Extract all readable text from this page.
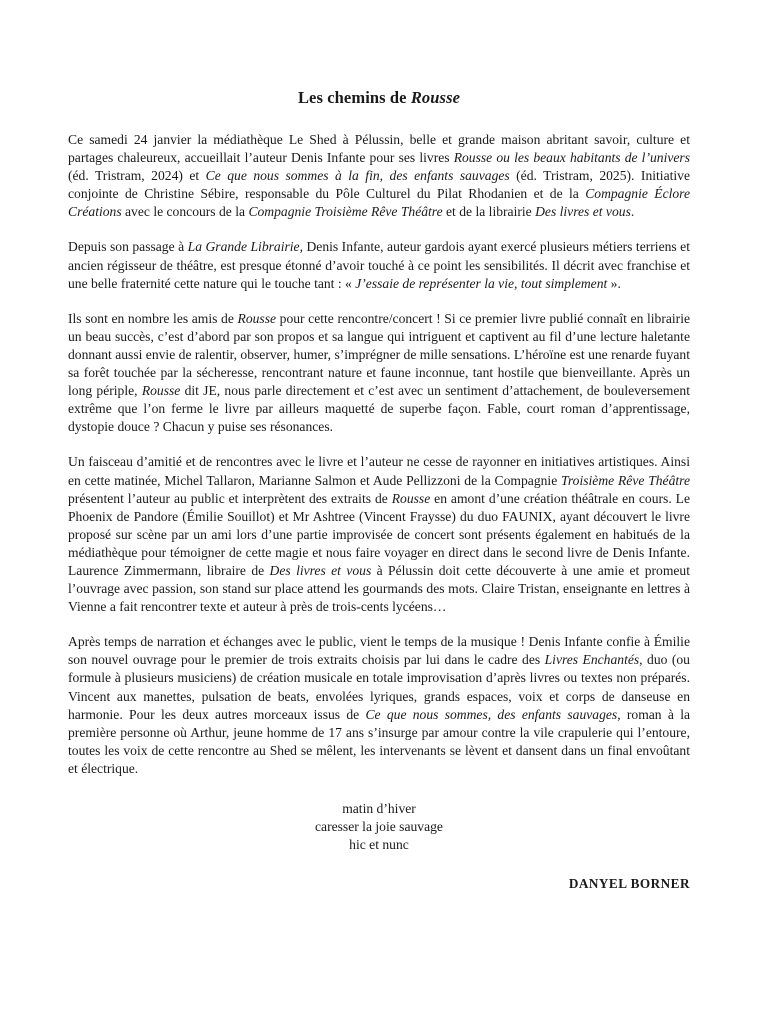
Les chemins de Rousse

Ce samedi 24 janvier la médiathèque Le Shed à Pélussin, belle et grande maison abritant savoir, culture et partages chaleureux, accueillait l’auteur Denis Infante pour ses livres Rousse ou les beaux habitants de l’univers (éd. Tristram, 2024) et Ce que nous sommes à la fin, des enfants sauvages (éd. Tristram, 2025). Initiative conjointe de Christine Sébire, responsable du Pôle Culturel du Pilat Rhodanien et de la Compagnie Éclore Créations avec le concours de la Compagnie Troisième Rêve Théâtre et de la librairie Des livres et vous.

Depuis son passage à La Grande Librairie, Denis Infante, auteur gardois ayant exercé plusieurs métiers terriens et ancien régisseur de théâtre, est presque étonné d’avoir touché à ce point les sensibilités. Il décrit avec franchise et une belle fraternité cette nature qui le touche tant : « J’essaie de représenter la vie, tout simplement ».

Ils sont en nombre les amis de Rousse pour cette rencontre/concert ! Si ce premier livre publié connaît en librairie un beau succès, c’est d’abord par son propos et sa langue qui intriguent et captivent au fil d’une lecture haletante donnant aussi envie de ralentir, observer, humer, s’imprégner de mille sensations. L’héroïne est une renarde fuyant sa forêt touchée par la sécheresse, rencontrant nature et faune inconnue, tant hostile que bienveillante. Après un long périple, Rousse dit JE, nous parle directement et c’est avec un sentiment d’attachement, de bouleversement extrême que l’on ferme le livre par ailleurs maquetté de superbe façon. Fable, court roman d’apprentissage, dystopie douce ? Chacun y puise ses résonances.

Un faisceau d’amitié et de rencontres avec le livre et l’auteur ne cesse de rayonner en initiatives artistiques. Ainsi en cette matinée, Michel Tallaron, Marianne Salmon et Aude Pellizzoni de la Compagnie Troisième Rêve Théâtre présentent l’auteur au public et interprètent des extraits de Rousse en amont d’une création théâtrale en cours. Le Phoenix de Pandore (Émilie Souillot) et Mr Ashtree (Vincent Fraysse) du duo FAUNIX, ayant découvert le livre proposé sur scène par un ami lors d’une partie improvisée de concert sont présents également en habitués de la médiathèque pour témoigner de cette magie et nous faire voyager en direct dans le second livre de Denis Infante. Laurence Zimmermann, libraire de Des livres et vous à Pélussin doit cette découverte à une amie et promeut l’ouvrage avec passion, son stand sur place attend les gourmands des mots. Claire Tristan, enseignante en lettres à Vienne a fait rencontrer texte et auteur à près de trois-cents lycéens…

Après temps de narration et échanges avec le public, vient le temps de la musique ! Denis Infante confie à Émilie son nouvel ouvrage pour le premier de trois extraits choisis par lui dans le cadre des Livres Enchantés, duo (ou formule à plusieurs musiciens) de création musicale en totale improvisation d’après livres ou textes non préparés. Vincent aux manettes, pulsation de beats, envolées lyriques, grands espaces, voix et corps de danseuse en harmonie. Pour les deux autres morceaux issus de Ce que nous sommes, des enfants sauvages, roman à la première personne où Arthur, jeune homme de 17 ans s’insurge par amour contre la vile crapulerie qui l’entoure, toutes les voix de cette rencontre au Shed se mêlent, les intervenants se lèvent et dansent dans un final envoûtant et électrique.

matin d’hiver
caresser la joie sauvage
hic et nunc
DANYEL BORNER
